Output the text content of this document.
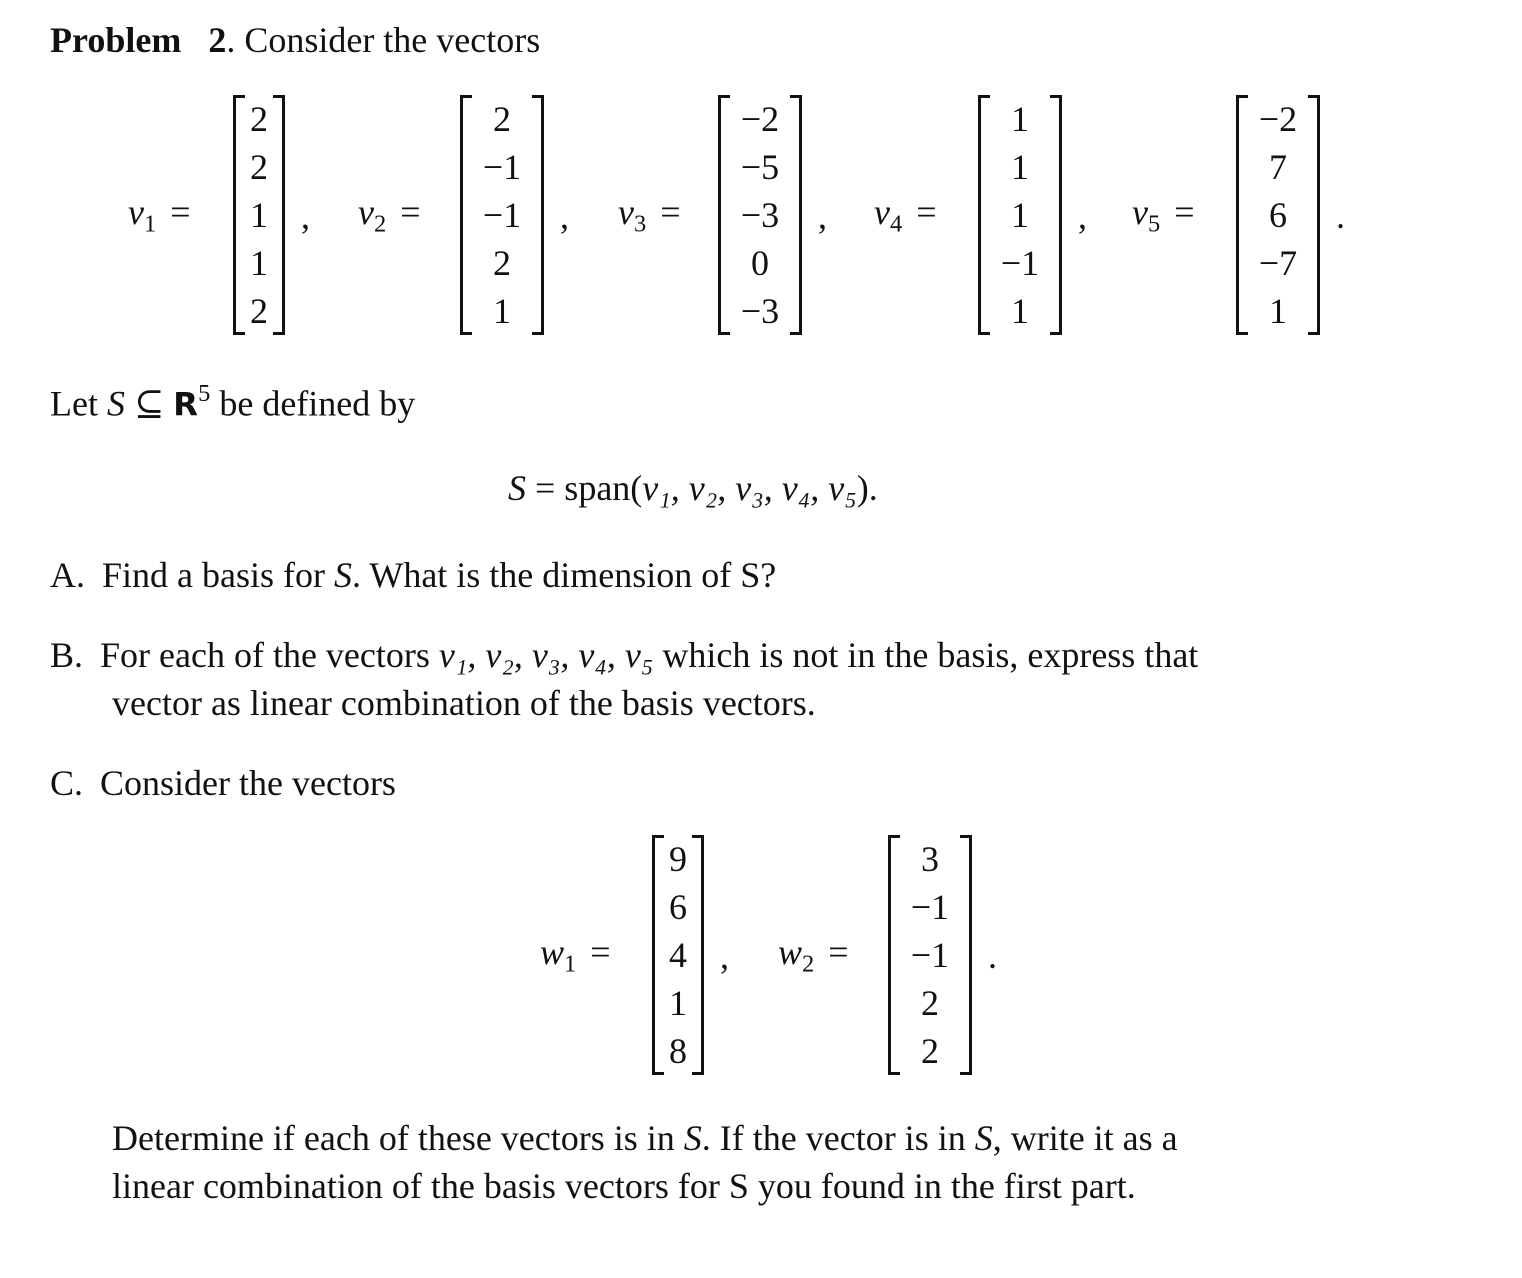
Problem 2. Consider the vectors
$v_1$ =
2
2
1
1
2
, $v_2$ =
2
−1
−1
2
1
, $v_3$ =
−2
−5
−3
0
−3
, $v_4$ =
1
1
1
−1
1
, $v_5$ =
−2
7
6
−7
1
.
Let S ⊆ $R^5$ be defined by
S = span(v₁, v₂, v₃, v₄, v₅).
A. Find a basis for S. What is the dimension of S?
B. For each of the vectors v₁, v₂, v₃, v₄, v₅ which is not in the basis, express that
vector as linear combination of the basis vectors.
C. Consider the vectors
$w_1$ =
9
6
4
1
8
, $w_2$ =
3
−1
−1
2
2
.
Determine if each of these vectors is in S. If the vector is in S, write it as a
linear combination of the basis vectors for S you found in the first part.
